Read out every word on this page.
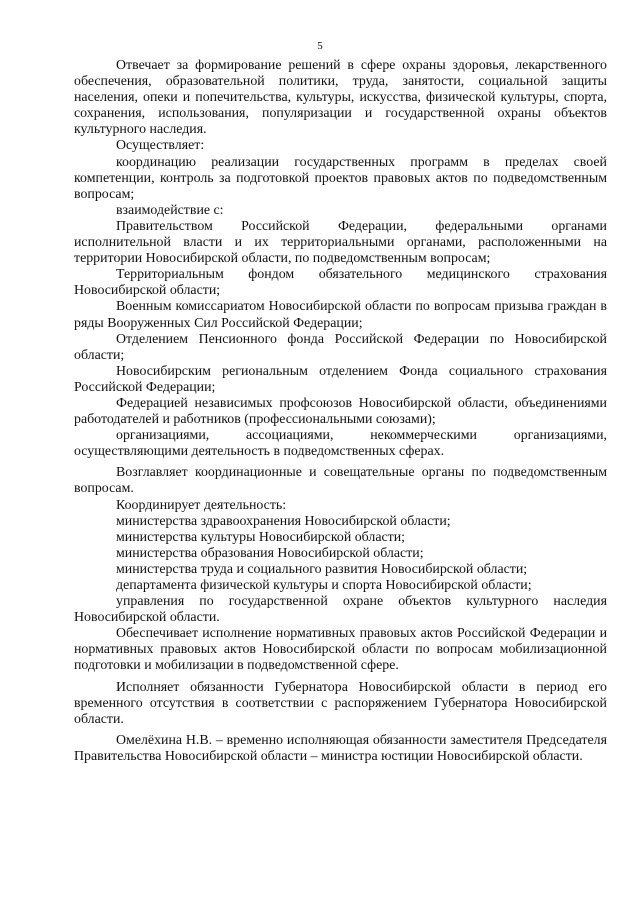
5

Отвечает за формирование решений в сфере охраны здоровья, лекарственного обеспечения, образовательной политики, труда, занятости, социальной защиты населения, опеки и попечительства, культуры, искусства, физической культуры, спорта, сохранения, использования, популяризации и государственной охраны объектов культурного наследия.

Осуществляет:

координацию реализации государственных программ в пределах своей компетенции, контроль за подготовкой проектов правовых актов по подведомственным вопросам;

взаимодействие с:

Правительством Российской Федерации, федеральными органами исполнительной власти и их территориальными органами, расположенными на территории Новосибирской области, по подведомственным вопросам;

Территориальным фондом обязательного медицинского страхования Новосибирской области;

Военным комиссариатом Новосибирской области по вопросам призыва граждан в ряды Вооруженных Сил Российской Федерации;

Отделением Пенсионного фонда Российской Федерации по Новосибирской области;

Новосибирским региональным отделением Фонда социального страхования Российской Федерации;

Федерацией независимых профсоюзов Новосибирской области, объединениями работодателей и работников (профессиональными союзами);

организациями, ассоциациями, некоммерческими организациями, осуществляющими деятельность в подведомственных сферах.

Возглавляет координационные и совещательные органы по подведомственным вопросам.

Координирует деятельность:

министерства здравоохранения Новосибирской области;

министерства культуры Новосибирской области;

министерства образования Новосибирской области;

министерства труда и социального развития Новосибирской области;

департамента физической культуры и спорта Новосибирской области;

управления по государственной охране объектов культурного наследия Новосибирской области.

Обеспечивает исполнение нормативных правовых актов Российской Федерации и нормативных правовых актов Новосибирской области по вопросам мобилизационной подготовки и мобилизации в подведомственной сфере.

Исполняет обязанности Губернатора Новосибирской области в период его временного отсутствия в соответствии с распоряжением Губернатора Новосибирской области.

Омелёхина Н.В. – временно исполняющая обязанности заместителя Председателя Правительства Новосибирской области – министра юстиции Новосибирской области.
